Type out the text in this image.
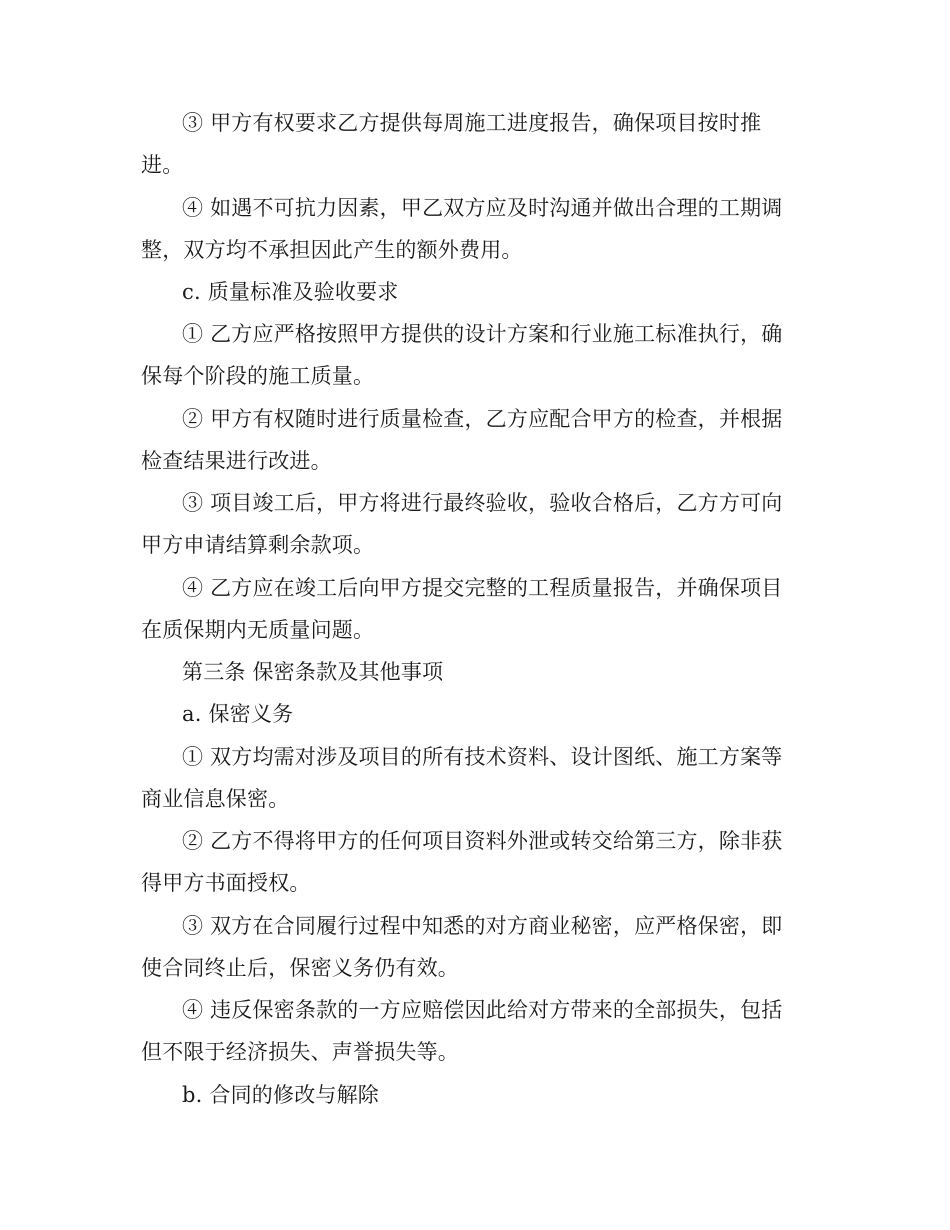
③ 甲方有权要求乙方提供每周施工进度报告，确保项目按时推
进。
④ 如遇不可抗力因素，甲乙双方应及时沟通并做出合理的工期调
整，双方均不承担因此产生的额外费用。
c. 质量标准及验收要求
① 乙方应严格按照甲方提供的设计方案和行业施工标准执行，确
保每个阶段的施工质量。
② 甲方有权随时进行质量检查，乙方应配合甲方的检查，并根据
检查结果进行改进。
③ 项目竣工后，甲方将进行最终验收，验收合格后，乙方方可向
甲方申请结算剩余款项。
④ 乙方应在竣工后向甲方提交完整的工程质量报告，并确保项目
在质保期内无质量问题。
第三条 保密条款及其他事项
a. 保密义务
① 双方均需对涉及项目的所有技术资料、设计图纸、施工方案等
商业信息保密。
② 乙方不得将甲方的任何项目资料外泄或转交给第三方，除非获
得甲方书面授权。
③ 双方在合同履行过程中知悉的对方商业秘密，应严格保密，即
使合同终止后，保密义务仍有效。
④ 违反保密条款的一方应赔偿因此给对方带来的全部损失，包括
但不限于经济损失、声誉损失等。
b. 合同的修改与解除
